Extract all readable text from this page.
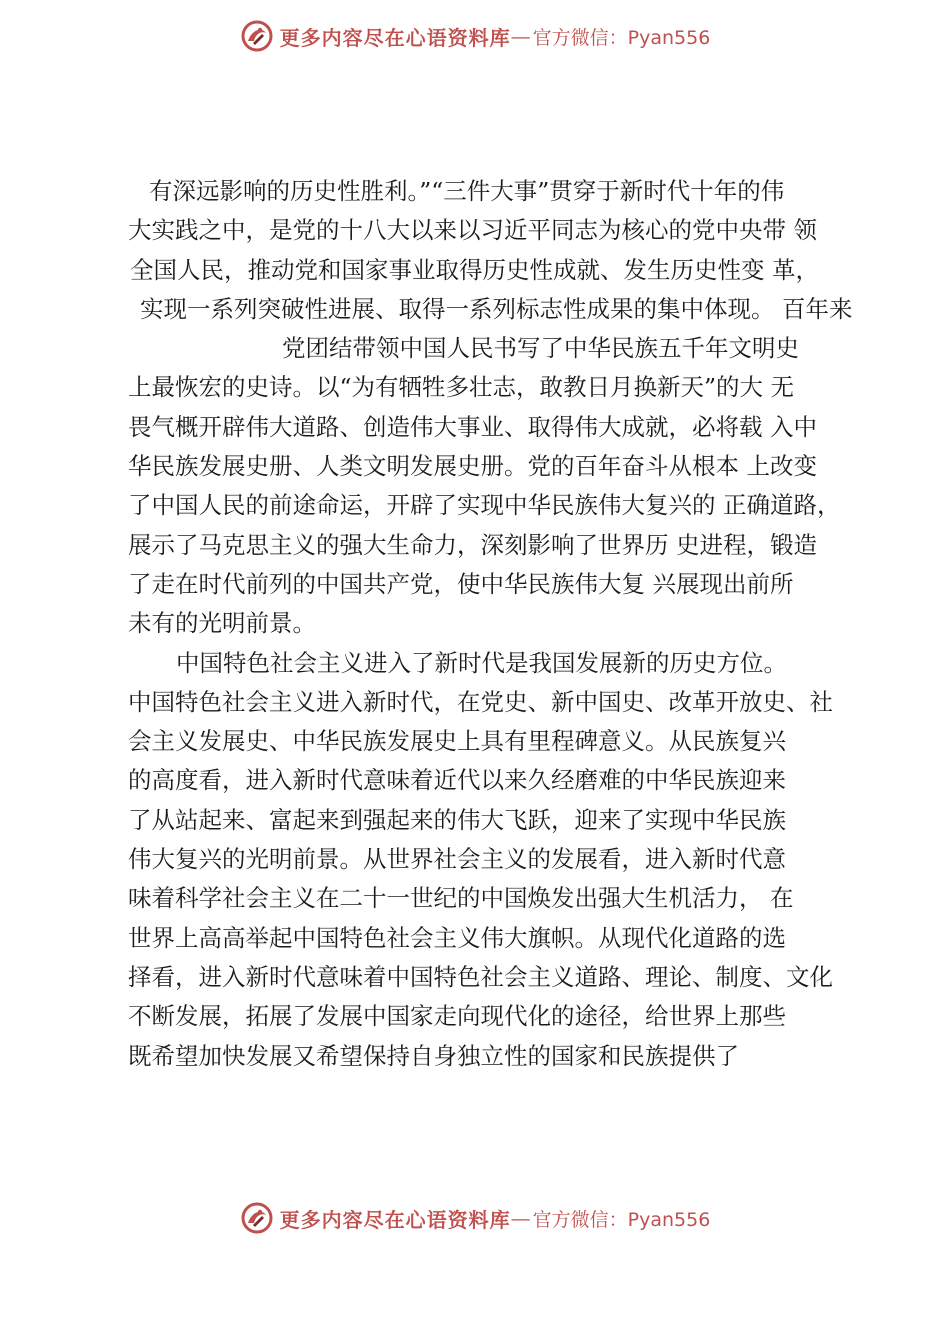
更多内容尽在心语资料库 — 官方微信：Pyan556
有深远影响的历史性胜利。”“三件大事”贯穿于新时代十年的伟
大实践之中，是党的十八大以来以习近平同志为核心的党中央带 领
全国人民，推动党和国家事业取得历史性成就、发生历史性变 革，
实现一系列突破性进展、取得一系列标志性成果的集中体现。 百年来
党团结带领中国人民书写了中华民族五千年文明史
上最恢宏的史诗。以“为有牺牲多壮志，敢教日月换新天”的大 无
畏气概开辟伟大道路、创造伟大事业、取得伟大成就，必将载 入中
华民族发展史册、人类文明发展史册。党的百年奋斗从根本 上改变
了中国人民的前途命运，开辟了实现中华民族伟大复兴的 正确道路，
展示了马克思主义的强大生命力，深刻影响了世界历 史进程，锻造
了走在时代前列的中国共产党，使中华民族伟大复 兴展现出前所
未有的光明前景。
中国特色社会主义进入了新时代是我国发展新的历史方位。
中国特色社会主义进入新时代，在党史、新中国史、改革开放史、社
会主义发展史、中华民族发展史上具有里程碑意义。从民族复兴
的高度看，进入新时代意味着近代以来久经磨难的中华民族迎来
了从站起来、富起来到强起来的伟大飞跃，迎来了实现中华民族
伟大复兴的光明前景。从世界社会主义的发展看，进入新时代意
味着科学社会主义在二十一世纪的中国焕发出强大生机活力， 在
世界上高高举起中国特色社会主义伟大旗帜。从现代化道路的选
择看，进入新时代意味着中国特色社会主义道路、理论、制度、文化
不断发展，拓展了发展中国家走向现代化的途径，给世界上那些
既希望加快发展又希望保持自身独立性的国家和民族提供了
更多内容尽在心语资料库 — 官方微信：Pyan556
